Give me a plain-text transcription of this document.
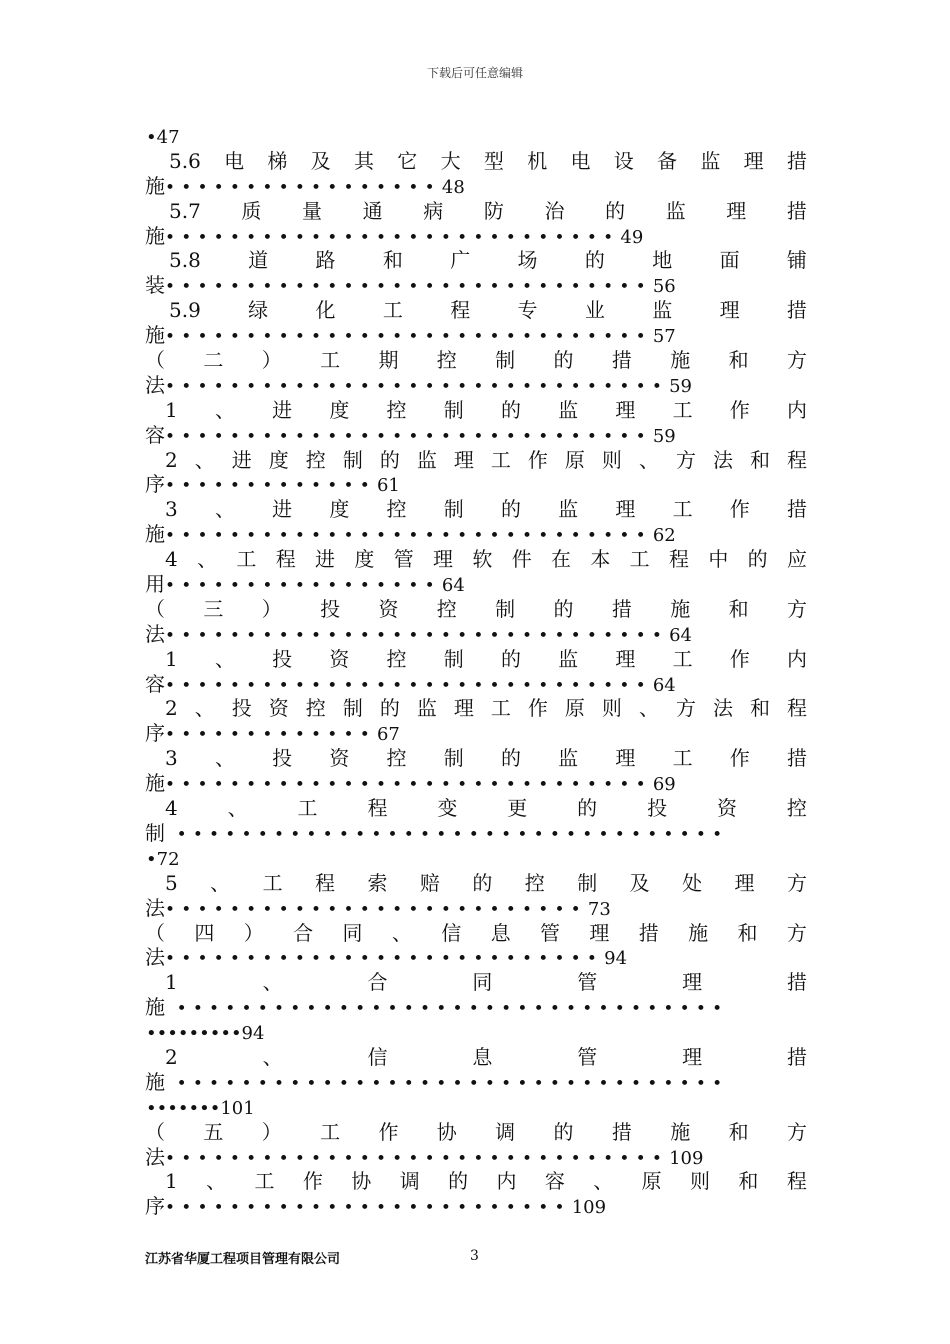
下载后可任意编辑
•47
5.6 电 梯 及 其 它 大 型 机 电 设 备 监 理 措
施•••••••••••••••••48
5.7 质 量 通 病 防 治 的 监 理 措
施••••••••••••••••••••••••••••49
5.8 道 路 和 广 场 的 地 面 铺
装••••••••••••••••••••••••••••••56
5.9 绿 化 工 程 专 业 监 理 措
施••••••••••••••••••••••••••••••57
（ 二 ） 工 期 控 制 的 措 施 和 方
法•••••••••••••••••••••••••••••••59
1 、 进 度 控 制 的 监 理 工 作 内
容••••••••••••••••••••••••••••••59
2 、 进 度 控 制 的 监 理 工 作 原 则 、 方 法 和 程
序•••••••••••••61
3 、 进 度 控 制 的 监 理 工 作 措
施••••••••••••••••••••••••••••••62
4 、 工 程 进 度 管 理 软 件 在 本 工 程 中 的 应
用•••••••••••••••••64
（ 三 ） 投 资 控 制 的 措 施 和 方
法•••••••••••••••••••••••••••••••64
1 、 投 资 控 制 的 监 理 工 作 内
容••••••••••••••••••••••••••••••64
2 、 投 资 控 制 的 监 理 工 作 原 则 、 方 法 和 程
序•••••••••••••67
3 、 投 资 控 制 的 监 理 工 作 措
施••••••••••••••••••••••••••••••69
4 、 工 程 变 更 的 投 资 控
制 ••••••••••••••••••••••••••••••••••
•72
5 、 工 程 索 赔 的 控 制 及 处 理 方
法••••••••••••••••••••••••••73
（ 四 ） 合 同 、 信 息 管 理 措 施 和 方
法•••••••••••••••••••••••••••94
1	、	合	同	管	理	措
施 ••••••••••••••••••••••••••••••••••
•••••••••94
2	、	信	息	管	理	措
施 ••••••••••••••••••••••••••••••••••
•••••••101
（ 五 ） 工 作 协 调 的 措 施 和 方
法•••••••••••••••••••••••••••••••109
1 、 工 作 协 调 的 内 容 、 原 则 和 程
序•••••••••••••••••••••••••109
江苏省华厦工程项目管理有限公司	3
